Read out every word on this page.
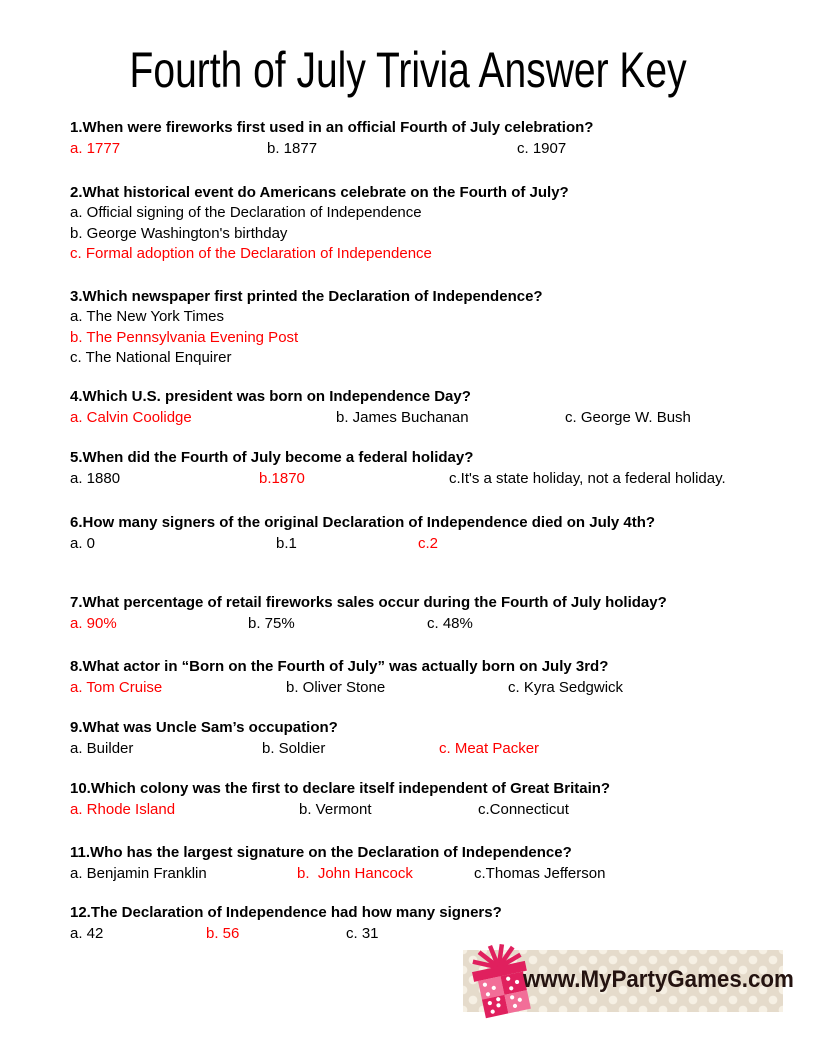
Fourth of July Trivia Answer Key
1.When were fireworks first used in an official Fourth of July celebration?
a. 1777	b. 1877	c. 1907
2.What historical event do Americans celebrate on the Fourth of July?
a. Official signing of the Declaration of Independence
b. George Washington's birthday
c. Formal adoption of the Declaration of Independence
3.Which newspaper first printed the Declaration of Independence?
a. The New York Times
b. The Pennsylvania Evening Post
c. The National Enquirer
4.Which U.S. president was born on Independence Day?
a. Calvin Coolidge	b. James Buchanan	c. George W. Bush
5.When did the Fourth of July become a federal holiday?
a. 1880	b.1870	c.It's a state holiday, not a federal holiday.
6.How many signers of the original Declaration of Independence died on July 4th?
a. 0	b.1	c.2
7.What percentage of retail fireworks sales occur during the Fourth of July holiday?
a. 90%	b. 75%	c. 48%
8.What actor in “Born on the Fourth of July” was actually born on July 3rd?
a. Tom Cruise	b. Oliver Stone	c. Kyra Sedgwick
9.What was Uncle Sam’s occupation?
a. Builder	b. Soldier	c. Meat Packer
10.Which colony was the first to declare itself independent of Great Britain?
a. Rhode Island	b. Vermont	c.Connecticut
11.Who has the largest signature on the Declaration of Independence?
a. Benjamin Franklin	b.  John Hancock	c.Thomas Jefferson
12.The Declaration of Independence had how many signers?
a. 42	b. 56	c. 31
www.MyPartyGames.com
